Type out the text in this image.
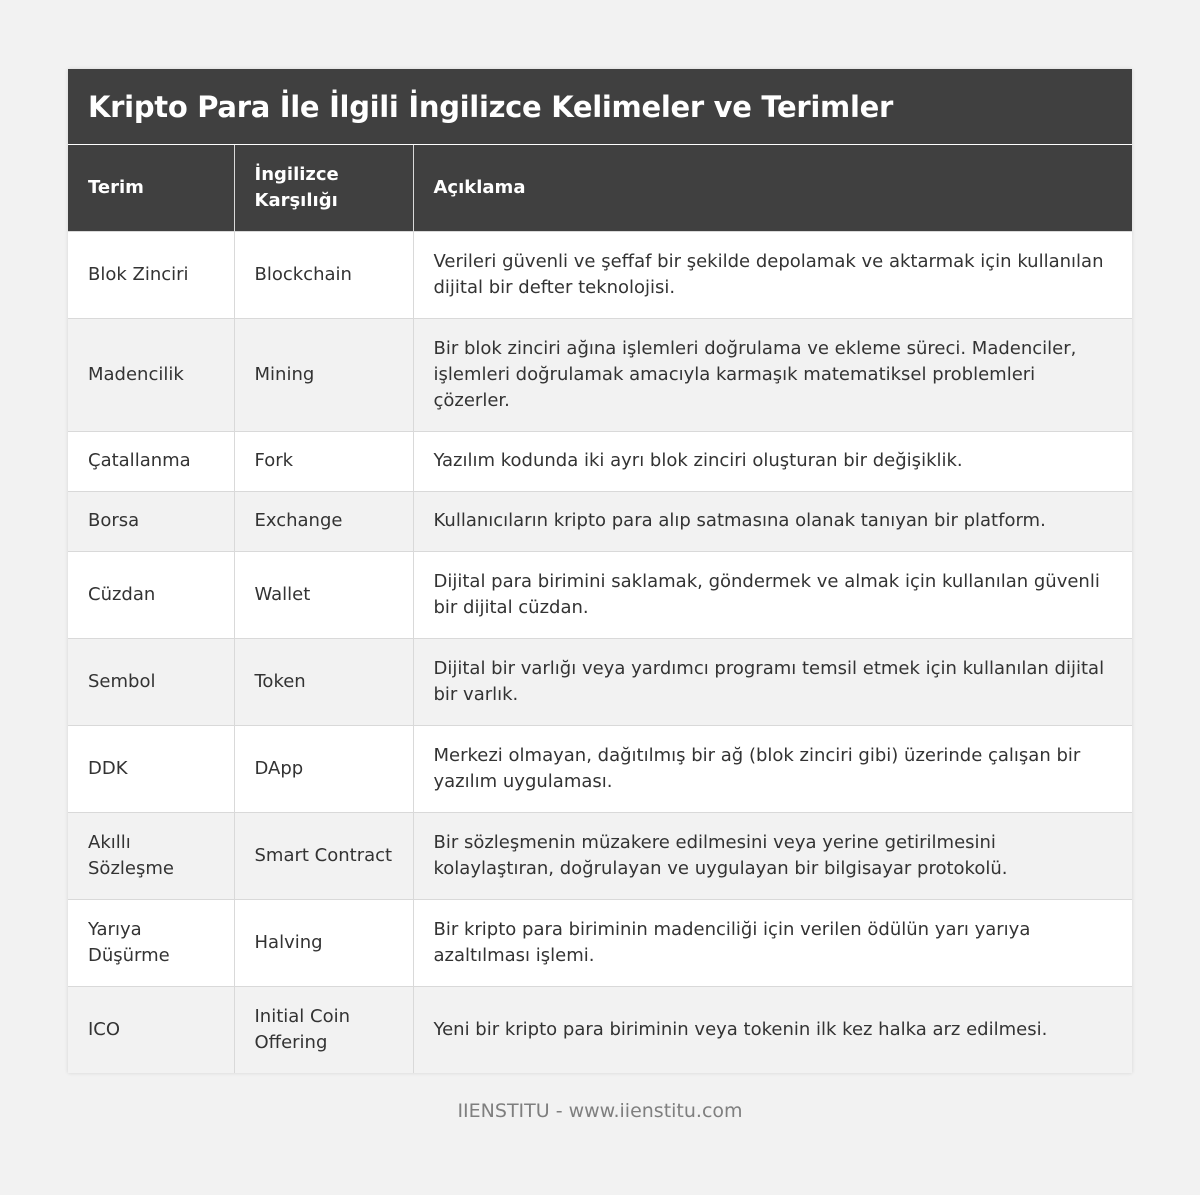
Kripto Para İle İlgili İngilizce Kelimeler ve Terimler
Terim	İngilizce Karşılığı	Açıklama
Blok Zinciri	Blockchain	Verileri güvenli ve şeffaf bir şekilde depolamak ve aktarmak için kullanılan dijital bir defter teknolojisi.
Madencilik	Mining	Bir blok zinciri ağına işlemleri doğrulama ve ekleme süreci. Madenciler, işlemleri doğrulamak amacıyla karmaşık matematiksel problemleri çözerler.
Çatallanma	Fork	Yazılım kodunda iki ayrı blok zinciri oluşturan bir değişiklik.
Borsa	Exchange	Kullanıcıların kripto para alıp satmasına olanak tanıyan bir platform.
Cüzdan	Wallet	Dijital para birimini saklamak, göndermek ve almak için kullanılan güvenli bir dijital cüzdan.
Sembol	Token	Dijital bir varlığı veya yardımcı programı temsil etmek için kullanılan dijital bir varlık.
DDK	DApp	Merkezi olmayan, dağıtılmış bir ağ (blok zinciri gibi) üzerinde çalışan bir yazılım uygulaması.
Akıllı Sözleşme	Smart Contract	Bir sözleşmenin müzakere edilmesini veya yerine getirilmesini kolaylaştıran, doğrulayan ve uygulayan bir bilgisayar protokolü.
Yarıya Düşürme	Halving	Bir kripto para biriminin madenciliği için verilen ödülün yarı yarıya azaltılması işlemi.
ICO	Initial Coin Offering	Yeni bir kripto para biriminin veya tokenin ilk kez halka arz edilmesi.
IIENSTITU - www.iienstitu.com
